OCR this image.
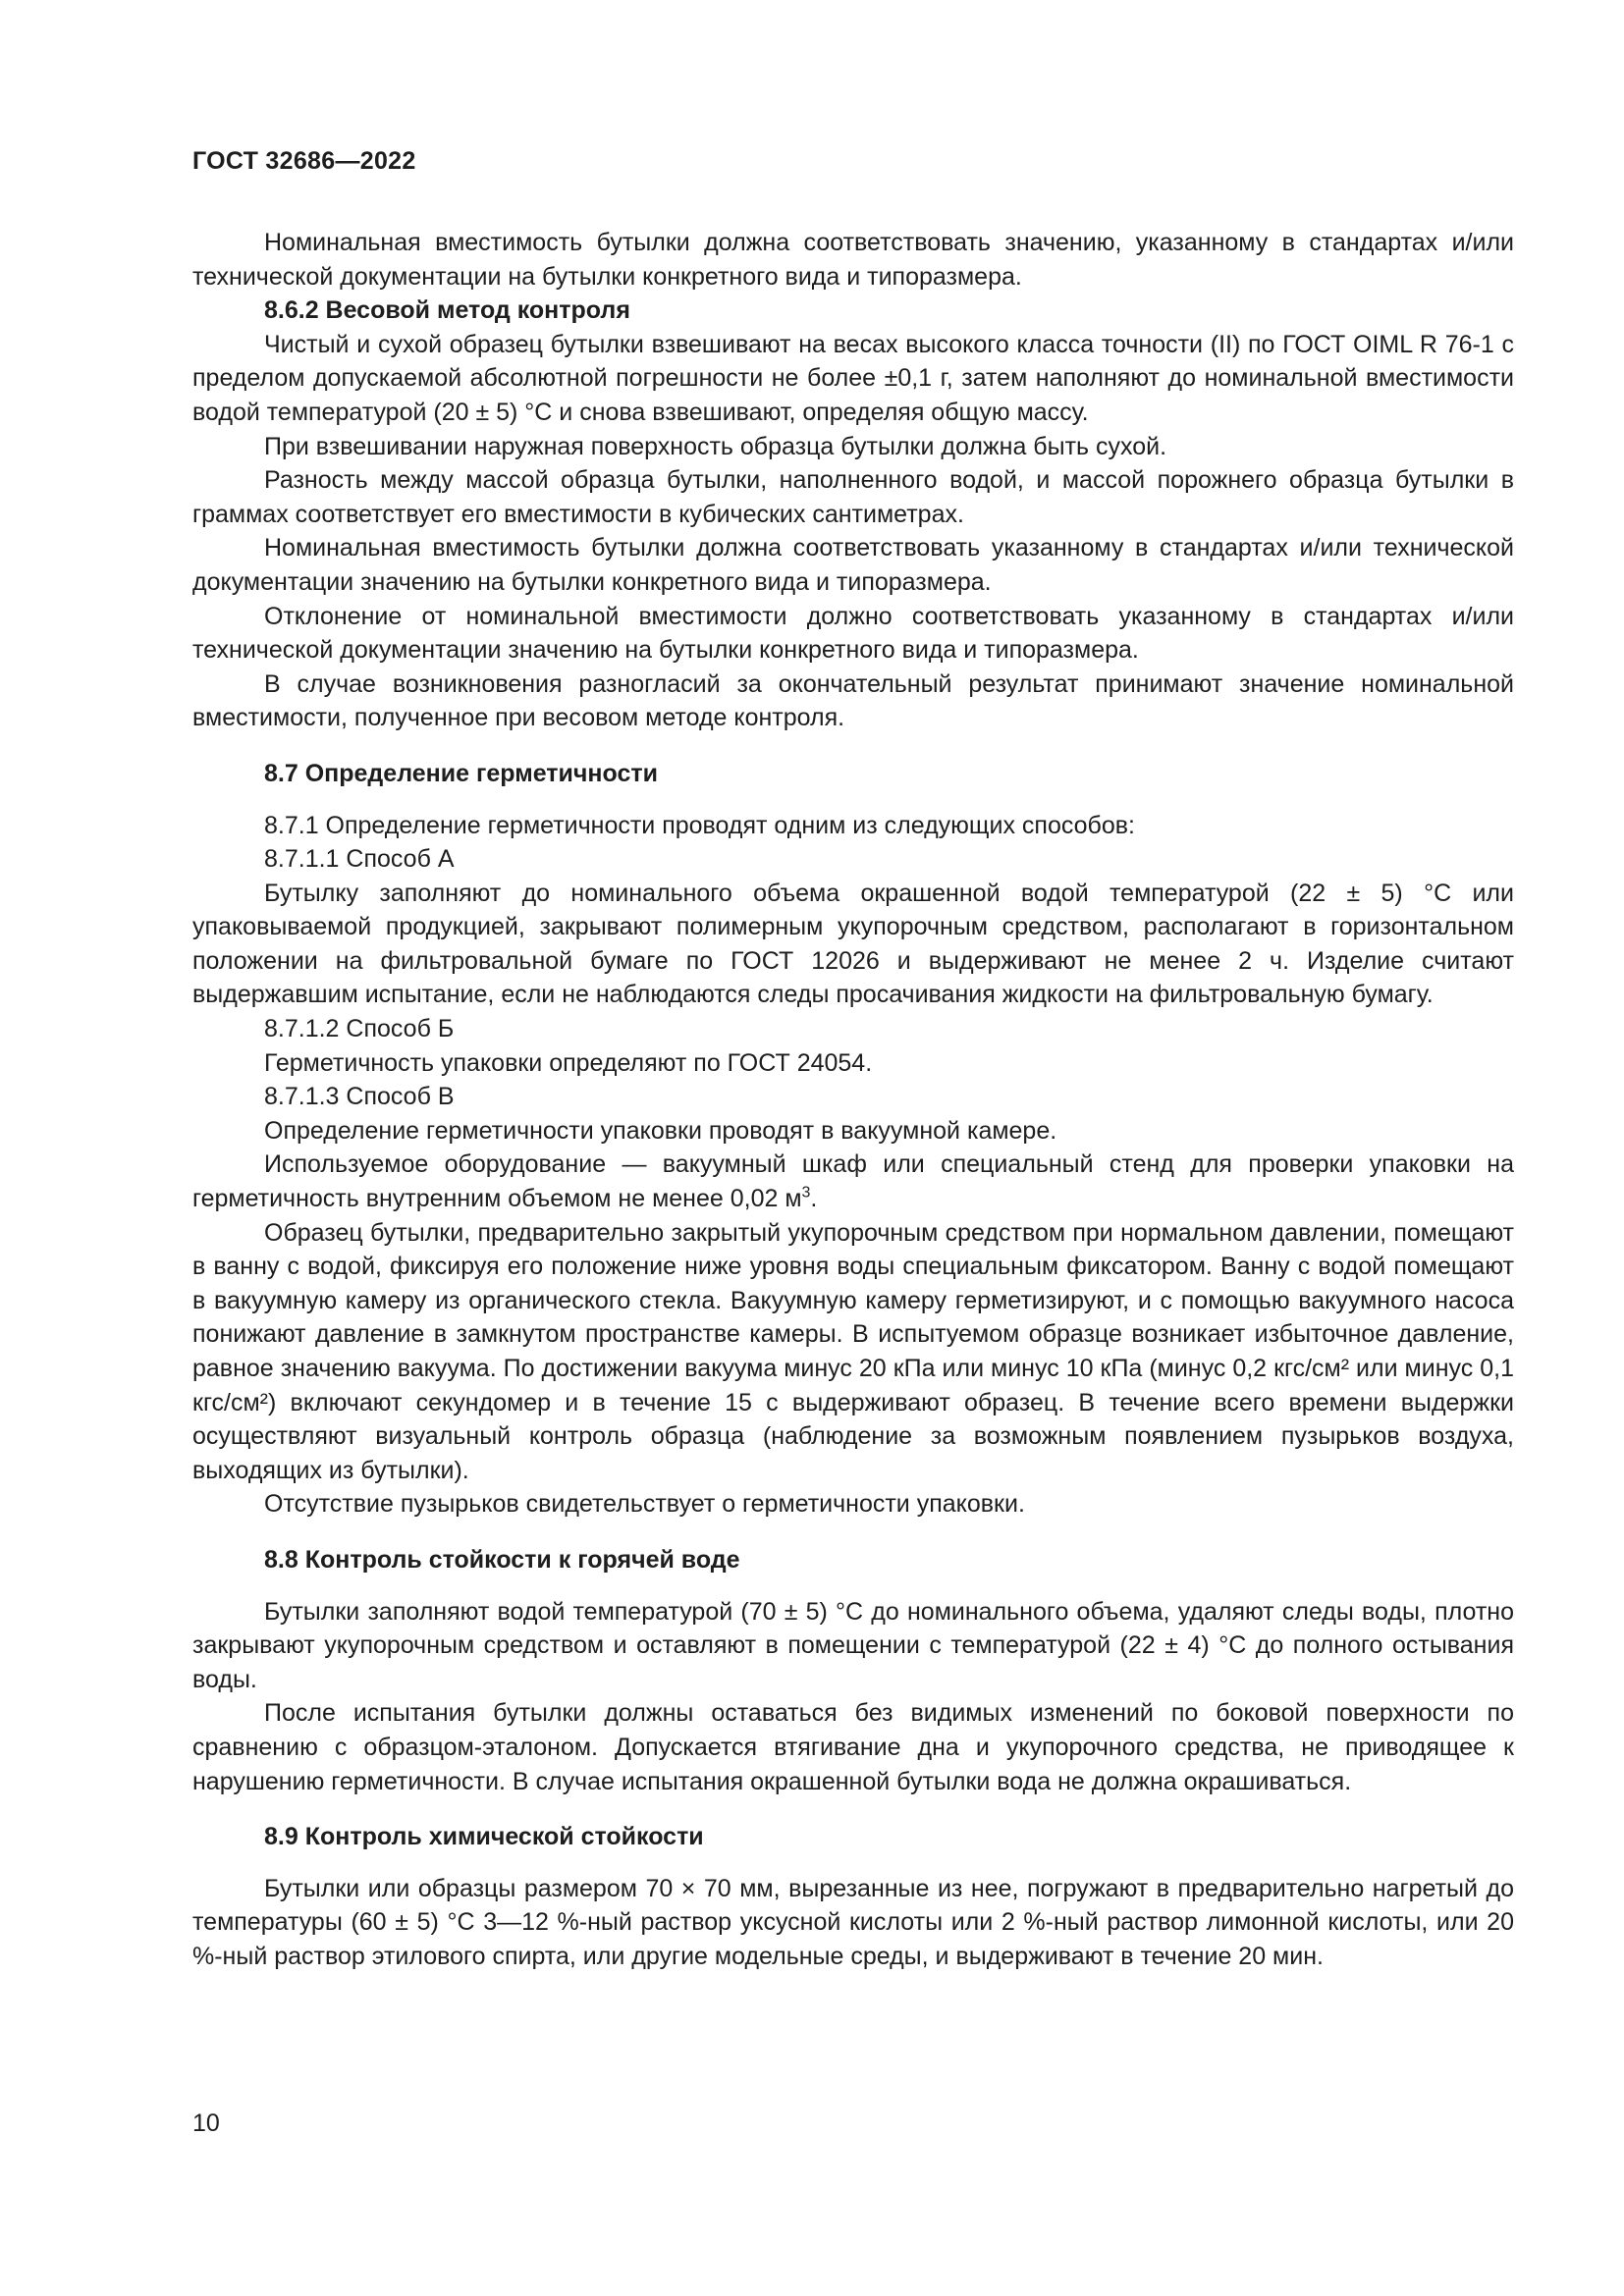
ГОСТ 32686—2022

Номинальная вместимость бутылки должна соответствовать значению, указанному в стандартах и/или технической документации на бутылки конкретного вида и типоразмера.

8.6.2 Весовой метод контроля

Чистый и сухой образец бутылки взвешивают на весах высокого класса точности (II) по ГОСТ OIML R 76-1 с пределом допускаемой абсолютной погрешности не более ±0,1 г, затем наполняют до номинальной вместимости водой температурой (20 ± 5) °С и снова взвешивают, определяя общую массу.

При взвешивании наружная поверхность образца бутылки должна быть сухой.

Разность между массой образца бутылки, наполненного водой, и массой порожнего образца бутылки в граммах соответствует его вместимости в кубических сантиметрах.

Номинальная вместимость бутылки должна соответствовать указанному в стандартах и/или технической документации значению на бутылки конкретного вида и типоразмера.

Отклонение от номинальной вместимости должно соответствовать указанному в стандартах и/или технической документации значению на бутылки конкретного вида и типоразмера.

В случае возникновения разногласий за окончательный результат принимают значение номинальной вместимости, полученное при весовом методе контроля.

8.7 Определение герметичности

8.7.1 Определение герметичности проводят одним из следующих способов:

8.7.1.1 Способ А

Бутылку заполняют до номинального объема окрашенной водой температурой (22 ± 5) °С или упаковываемой продукцией, закрывают полимерным укупорочным средством, располагают в горизонтальном положении на фильтровальной бумаге по ГОСТ 12026 и выдерживают не менее 2 ч. Изделие считают выдержавшим испытание, если не наблюдаются следы просачивания жидкости на фильтровальную бумагу.

8.7.1.2 Способ Б

Герметичность упаковки определяют по ГОСТ 24054.

8.7.1.3 Способ В

Определение герметичности упаковки проводят в вакуумной камере.

Используемое оборудование — вакуумный шкаф или специальный стенд для проверки упаковки на герметичность внутренним объемом не менее 0,02 $м^3$.

Образец бутылки, предварительно закрытый укупорочным средством при нормальном давлении, помещают в ванну с водой, фиксируя его положение ниже уровня воды специальным фиксатором. Ванну с водой помещают в вакуумную камеру из органического стекла. Вакуумную камеру герметизируют, и с помощью вакуумного насоса понижают давление в замкнутом пространстве камеры. В испытуемом образце возникает избыточное давление, равное значению вакуума. По достижении вакуума минус 20 кПа или минус 10 кПа (минус 0,2 кгс/см² или минус 0,1 кгс/см²) включают секундомер и в течение 15 с выдерживают образец. В течение всего времени выдержки осуществляют визуальный контроль образца (наблюдение за возможным появлением пузырьков воздуха, выходящих из бутылки).

Отсутствие пузырьков свидетельствует о герметичности упаковки.

8.8 Контроль стойкости к горячей воде

Бутылки заполняют водой температурой (70 ± 5) °С до номинального объема, удаляют следы воды, плотно закрывают укупорочным средством и оставляют в помещении с температурой (22 ± 4) °С до полного остывания воды.

После испытания бутылки должны оставаться без видимых изменений по боковой поверхности по сравнению с образцом-эталоном. Допускается втягивание дна и укупорочного средства, не приводящее к нарушению герметичности. В случае испытания окрашенной бутылки вода не должна окрашиваться.

8.9 Контроль химической стойкости

Бутылки или образцы размером 70 × 70 мм, вырезанные из нее, погружают в предварительно нагретый до температуры (60 ± 5) °С 3—12 %-ный раствор уксусной кислоты или 2 %-ный раствор лимонной кислоты, или 20 %-ный раствор этилового спирта, или другие модельные среды, и выдерживают в течение 20 мин.

10
